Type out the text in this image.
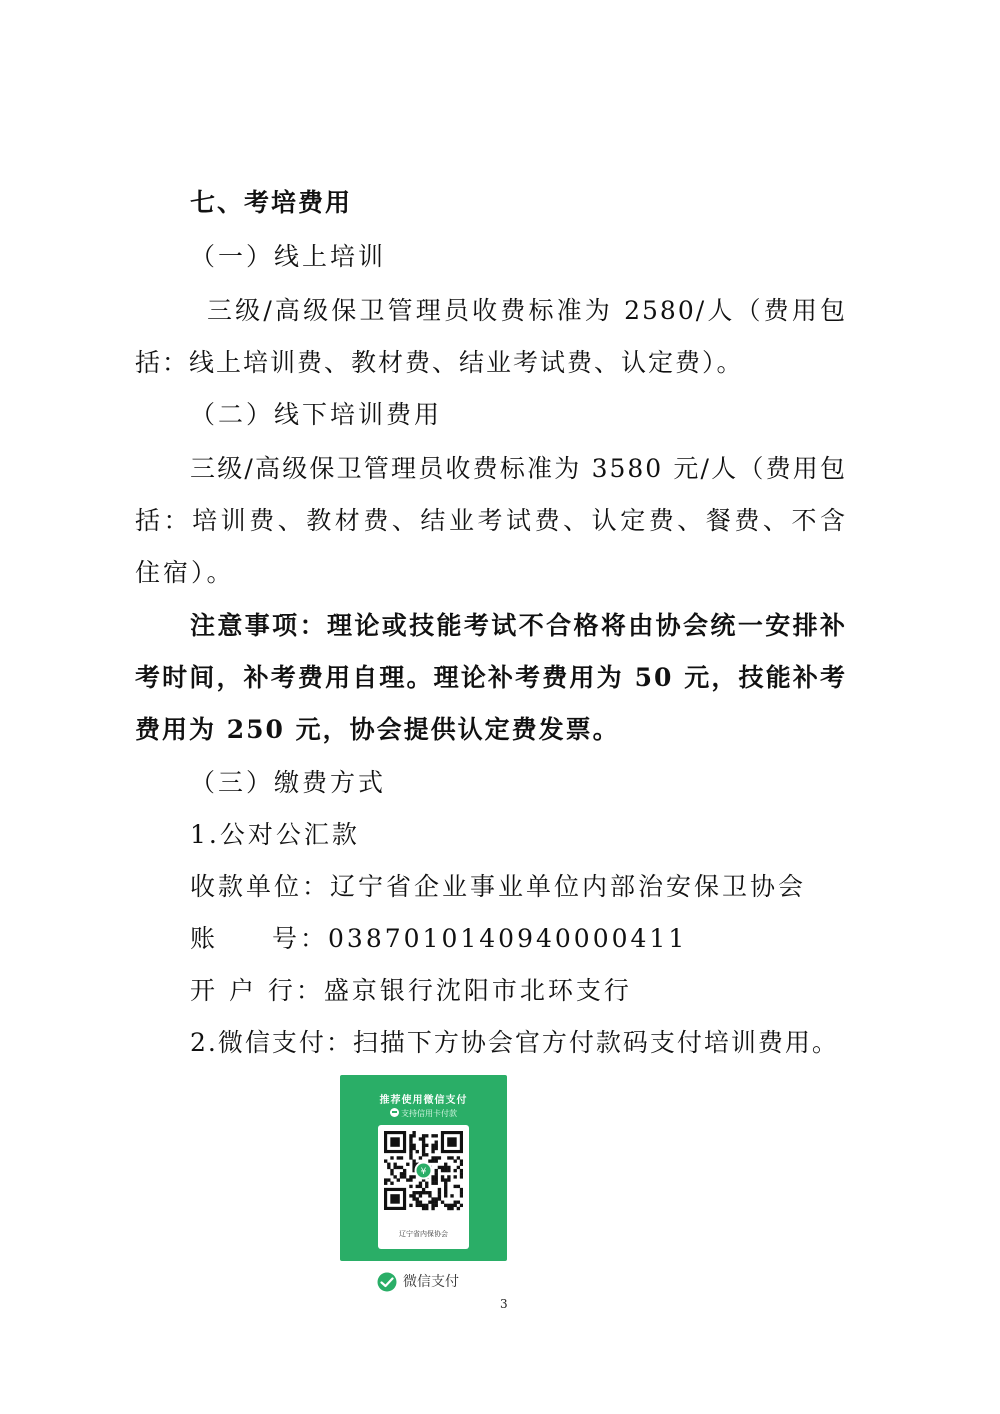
七、考培费用
（一）线上培训
三级/高级保卫管理员收费标准为 2580/人（费用包
括：线上培训费、教材费、结业考试费、认定费）。
（二）线下培训费用
三级/高级保卫管理员收费标准为 3580 元/人（费用包
括：培训费、教材费、结业考试费、认定费、餐费、不含
住宿）。
注意事项：理论或技能考试不合格将由协会统一安排补
考时间，补考费用自理。理论补考费用为 50 元，技能补考
费用为 250 元，协会提供认定费发票。
（三）缴费方式
1.公对公汇款
收款单位：辽宁省企业事业单位内部治安保卫协会
账 号：0387010140940000411
开 户 行：盛京银行沈阳市北环支行
2.微信支付：扫描下方协会官方付款码支付培训费用。
推荐使用微信支付
支持信用卡付款
¥
辽宁省内保协会
微信支付
3
